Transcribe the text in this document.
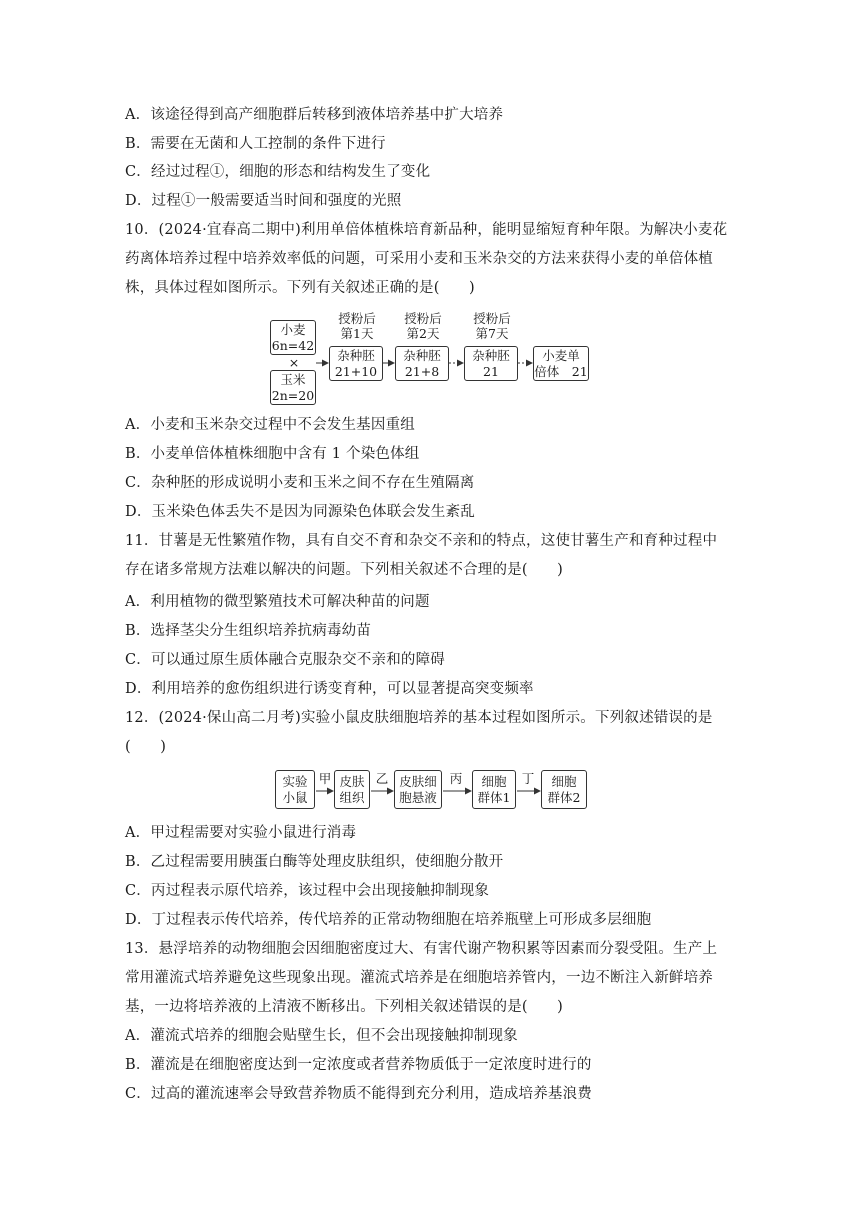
A．该途径得到高产细胞群后转移到液体培养基中扩大培养
B．需要在无菌和人工控制的条件下进行
C．经过过程①，细胞的形态和结构发生了变化
D．过程①一般需要适当时间和强度的光照
10．(2024·宜春高二期中)利用单倍体植株培育新品种，能明显缩短育种年限。为解决小麦花
药离体培养过程中培养效率低的问题，可采用小麦和玉米杂交的方法来获得小麦的单倍体植
株，具体过程如图所示。下列有关叙述正确的是(　　)
小麦
6n=42
×
玉米
2n=20
授粉后
第1天
杂种胚
21+10
授粉后
第2天
杂种胚
21+8
授粉后
第7天
杂种胚
21
小麦单
倍体　21
A．小麦和玉米杂交过程中不会发生基因重组
B．小麦单倍体植株细胞中含有 1 个染色体组
C．杂种胚的形成说明小麦和玉米之间不存在生殖隔离
D．玉米染色体丢失不是因为同源染色体联会发生紊乱
11．甘薯是无性繁殖作物，具有自交不育和杂交不亲和的特点，这使甘薯生产和育种过程中
存在诸多常规方法难以解决的问题。下列相关叙述不合理的是(　　)
A．利用植物的微型繁殖技术可解决种苗的问题
B．选择茎尖分生组织培养抗病毒幼苗
C．可以通过原生质体融合克服杂交不亲和的障碍
D．利用培养的愈伤组织进行诱变育种，可以显著提高突变频率
12．(2024·保山高二月考)实验小鼠皮肤细胞培养的基本过程如图所示。下列叙述错误的是
(　　)
实验
小鼠
甲 皮肤
组织
乙 皮肤细
胞悬液
丙	细胞
群体1
丁	细胞
群体2
A．甲过程需要对实验小鼠进行消毒
B．乙过程需要用胰蛋白酶等处理皮肤组织，使细胞分散开
C．丙过程表示原代培养，该过程中会出现接触抑制现象
D．丁过程表示传代培养，传代培养的正常动物细胞在培养瓶壁上可形成多层细胞
13．悬浮培养的动物细胞会因细胞密度过大、有害代谢产物积累等因素而分裂受阻。生产上
常用灌流式培养避免这些现象出现。灌流式培养是在细胞培养管内，一边不断注入新鲜培养
基，一边将培养液的上清液不断移出。下列相关叙述错误的是(　　)
A．灌流式培养的细胞会贴壁生长，但不会出现接触抑制现象
B．灌流是在细胞密度达到一定浓度或者营养物质低于一定浓度时进行的
C．过高的灌流速率会导致营养物质不能得到充分利用，造成培养基浪费
